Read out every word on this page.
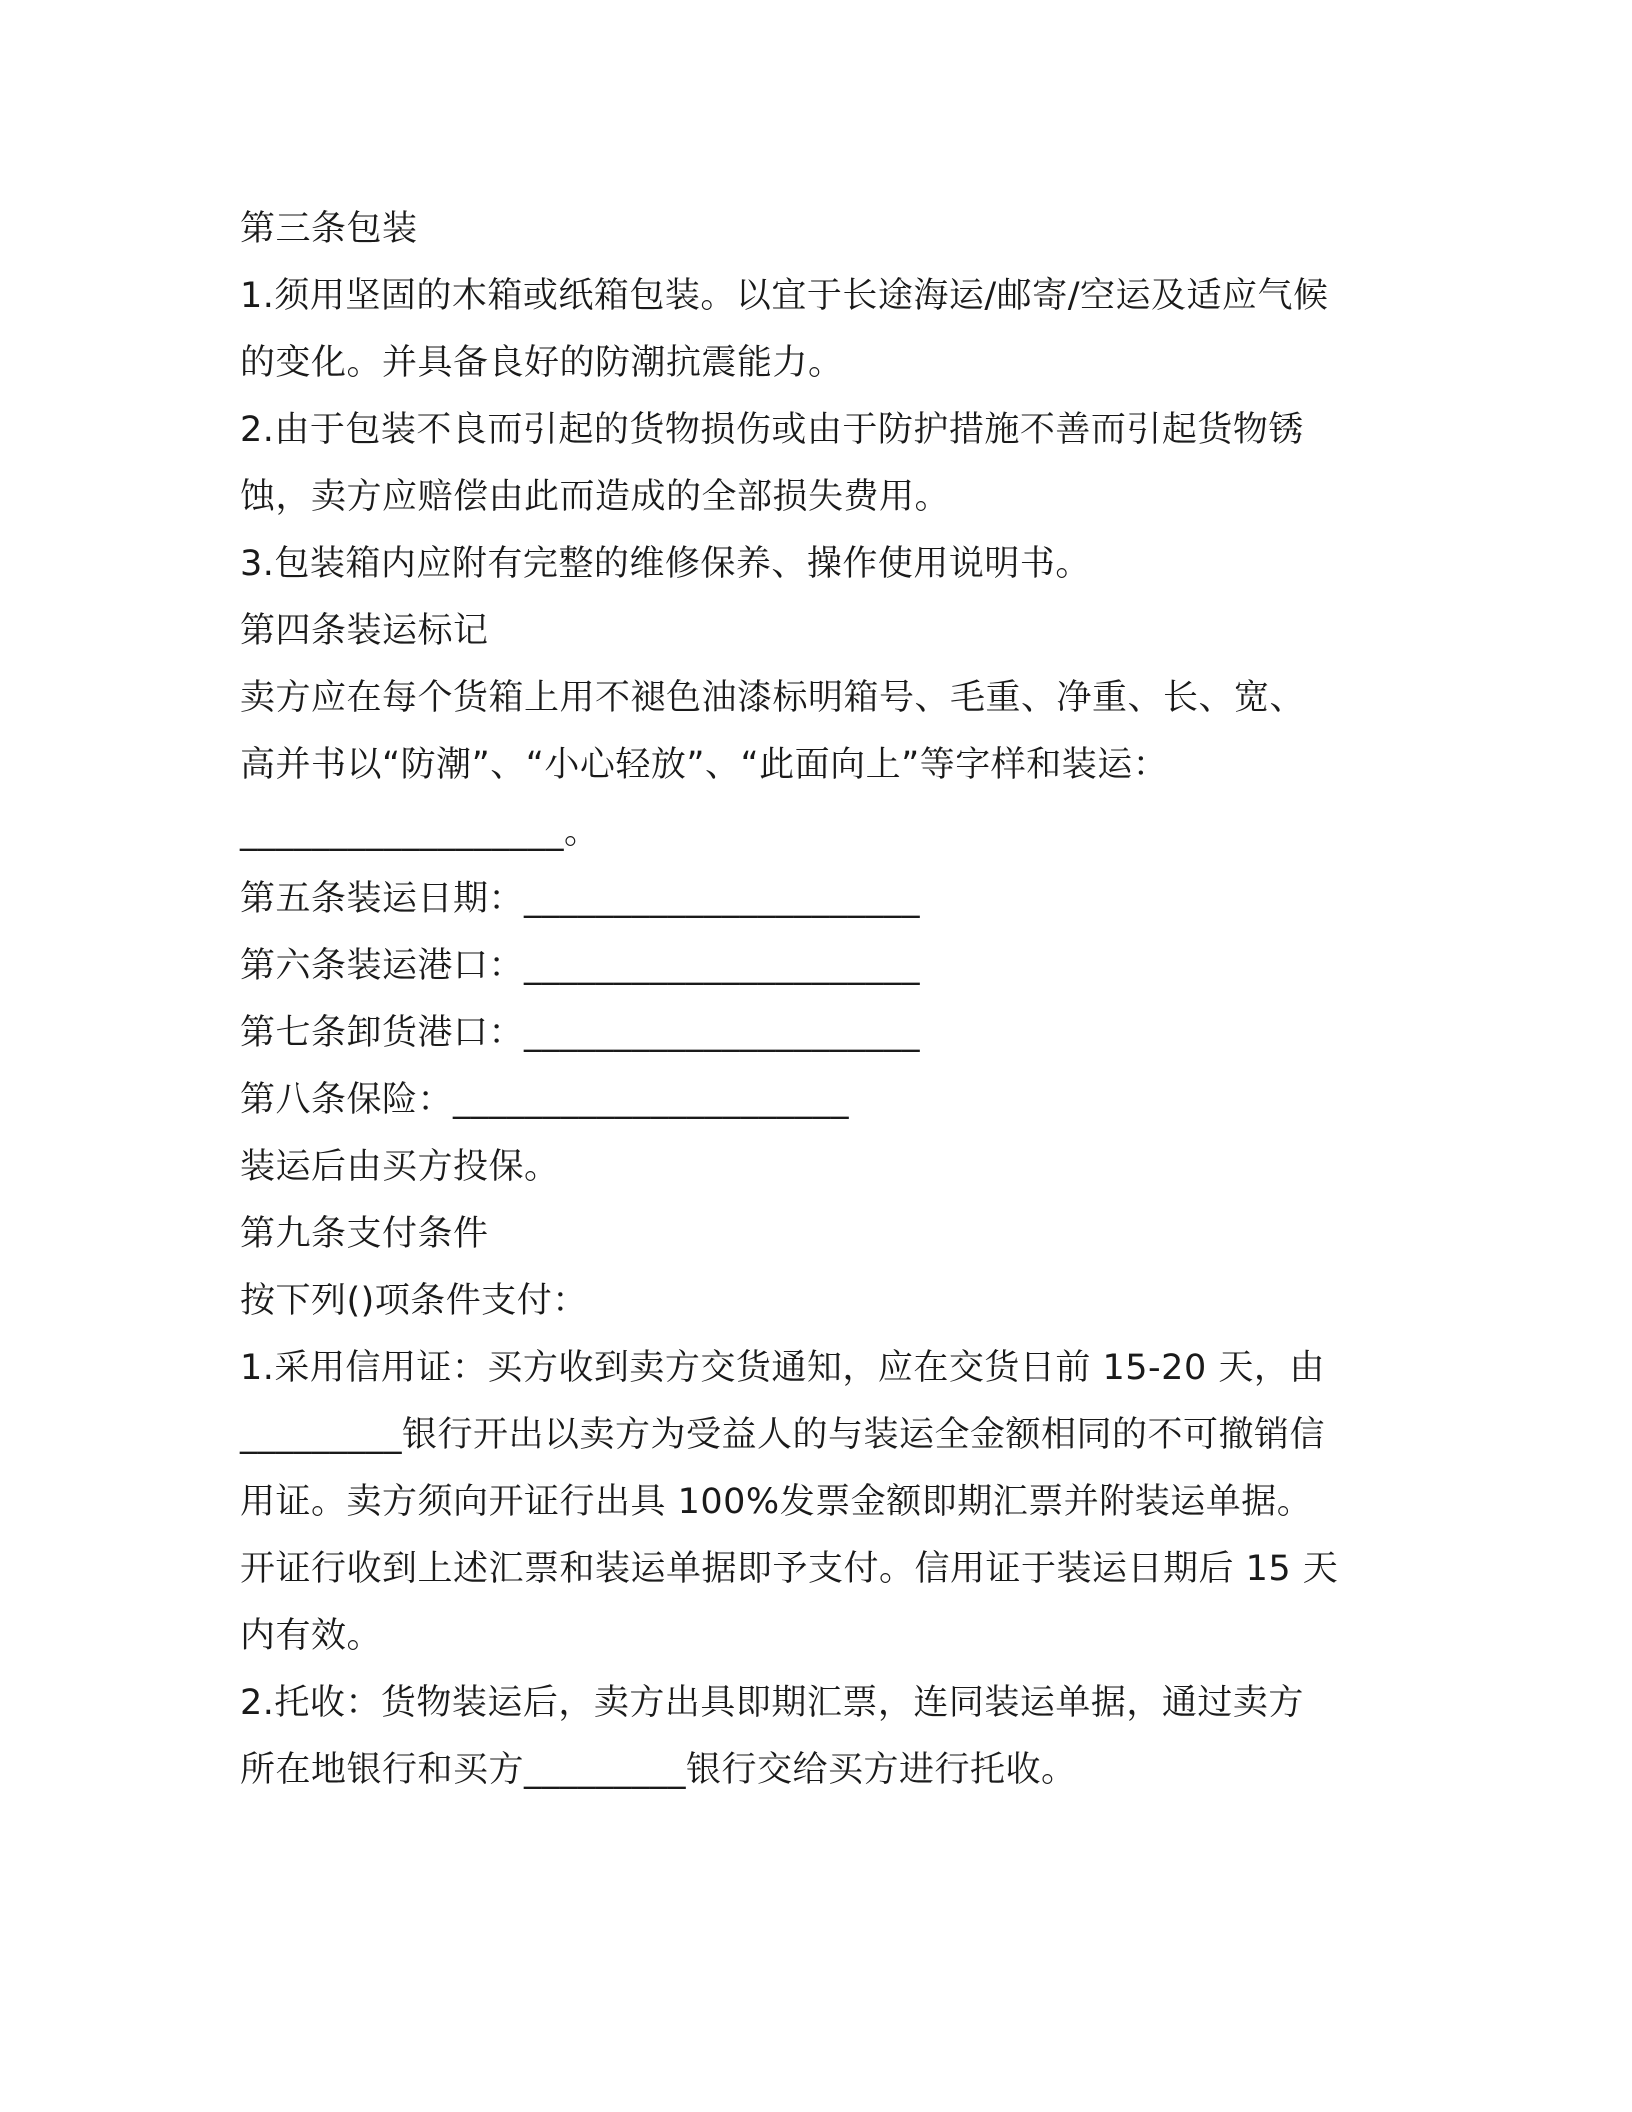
第三条包装
1.须用坚固的木箱或纸箱包装。以宜于长途海运/邮寄/空运及适应气候
的变化。并具备良好的防潮抗震能力。
2.由于包装不良而引起的货物损伤或由于防护措施不善而引起货物锈
蚀，卖方应赔偿由此而造成的全部损失费用。
3.包装箱内应附有完整的维修保养、操作使用说明书。
第四条装运标记
卖方应在每个货箱上用不褪色油漆标明箱号、毛重、净重、长、宽、
高并书以“防潮”、“小心轻放”、“此面向上”等字样和装运：
__________________。
第五条装运日期：______________________
第六条装运港口：______________________
第七条卸货港口：______________________
第八条保险：______________________
装运后由买方投保。
第九条支付条件
按下列()项条件支付：
1.采用信用证：买方收到卖方交货通知，应在交货日前 15-20 天，由
_________银行开出以卖方为受益人的与装运全金额相同的不可撤销信
用证。卖方须向开证行出具 100%发票金额即期汇票并附装运单据。
开证行收到上述汇票和装运单据即予支付。信用证于装运日期后 15 天
内有效。
2.托收：货物装运后，卖方出具即期汇票，连同装运单据，通过卖方
所在地银行和买方_________银行交给买方进行托收。
